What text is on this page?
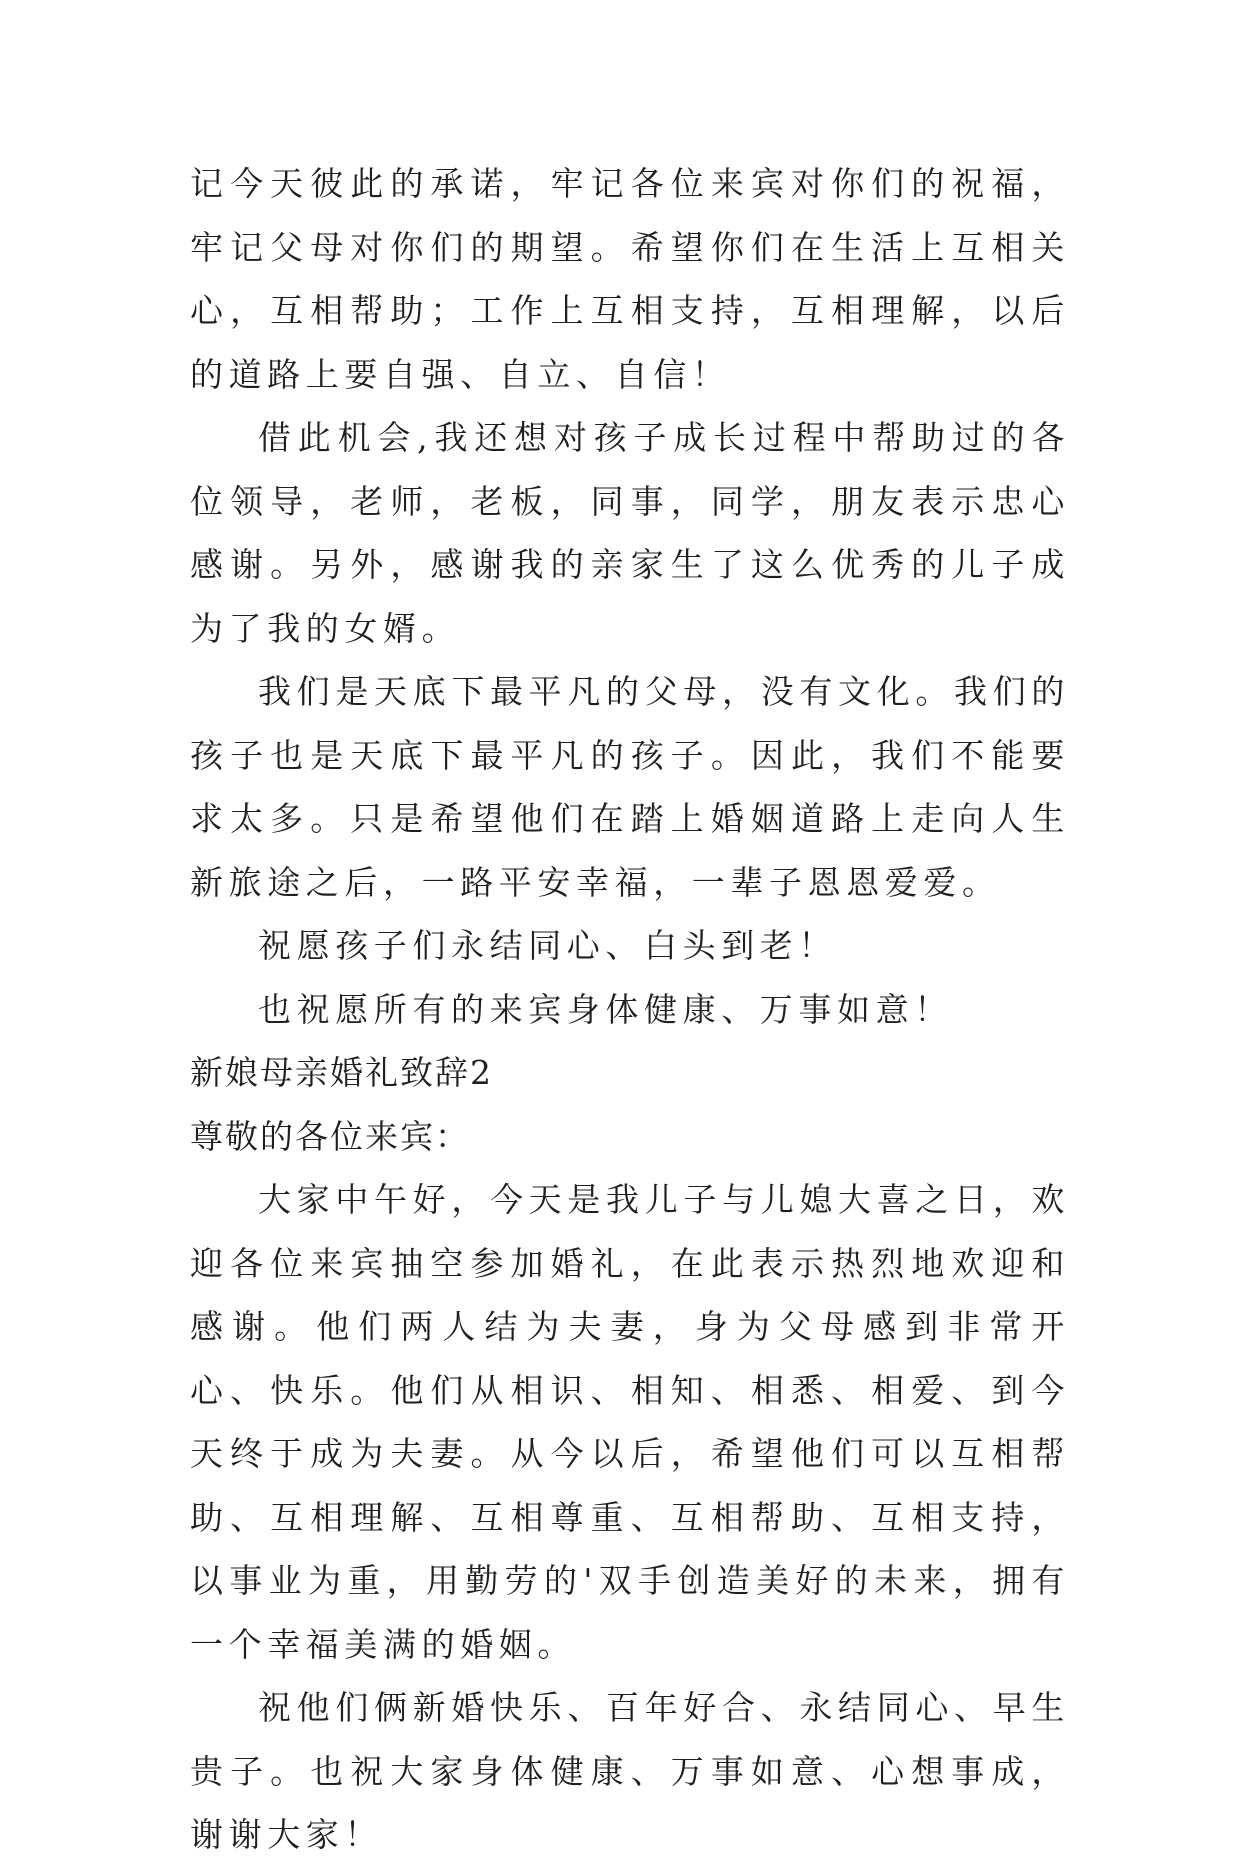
记今天彼此的承诺，牢记各位来宾对你们的祝福，牢记父母对你们的期望。希望你们在生活上互相关心，互相帮助；工作上互相支持，互相理解，以后的道路上要自强、自立、自信！

借此机会,我还想对孩子成长过程中帮助过的各位领导，老师，老板，同事，同学，朋友表示忠心感谢。另外，感谢我的亲家生了这么优秀的儿子成为了我的女婿。

我们是天底下最平凡的父母，没有文化。我们的孩子也是天底下最平凡的孩子。因此，我们不能要求太多。只是希望他们在踏上婚姻道路上走向人生新旅途之后，一路平安幸福，一辈子恩恩爱爱。

祝愿孩子们永结同心、白头到老！

也祝愿所有的来宾身体健康、万事如意！

新娘母亲婚礼致辞2

尊敬的各位来宾：

大家中午好，今天是我儿子与儿媳大喜之日，欢迎各位来宾抽空参加婚礼，在此表示热烈地欢迎和感谢。他们两人结为夫妻，身为父母感到非常开心、快乐。他们从相识、相知、相悉、相爱、到今天终于成为夫妻。从今以后，希望他们可以互相帮助、互相理解、互相尊重、互相帮助、互相支持，以事业为重，用勤劳的'双手创造美好的未来，拥有一个幸福美满的婚姻。

祝他们俩新婚快乐、百年好合、永结同心、早生贵子。也祝大家身体健康、万事如意、心想事成，谢谢大家！
